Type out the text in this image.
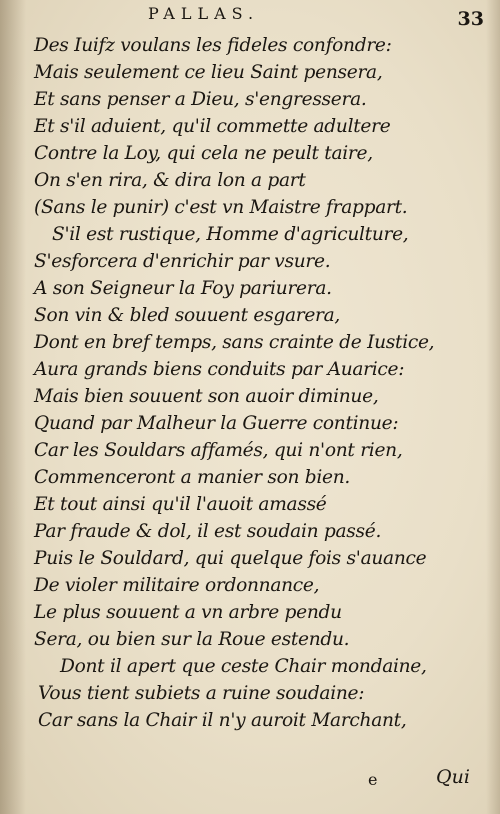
PALLAS.	33
Des Iuifz voulans les fideles confondre:
Mais seulement ce lieu Saint pensera,
Et sans penser a Dieu, s'engressera.
Et s'il aduient, qu'il commette adultere
Contre la Loy, qui cela ne peult taire,
On s'en rira, & dira lon a part
(Sans le punir) c'est vn Maistre frappart.
S'il est rustique, Homme d'agriculture,
S'esforcera d'enrichir par vsure.
A son Seigneur la Foy pariurera.
Son vin & bled souuent esgarera,
Dont en bref temps, sans crainte de Iustice,
Aura grands biens conduits par Auarice:
Mais bien souuent son auoir diminue,
Quand par Malheur la Guerre continue:
Car les Souldars affamés, qui n'ont rien,
Commenceront a manier son bien.
Et tout ainsi qu'il l'auoit amassé
Par fraude & dol, il est soudain passé.
Puis le Souldard, qui quelque fois s'auance
De violer militaire ordonnance,
Le plus souuent a vn arbre pendu
Sera, ou bien sur la Roue estendu.
Dont il apert que ceste Chair mondaine,
Vous tient subiets a ruine soudaine:
Car sans la Chair il n'y auroit Marchant,
e	Qui
